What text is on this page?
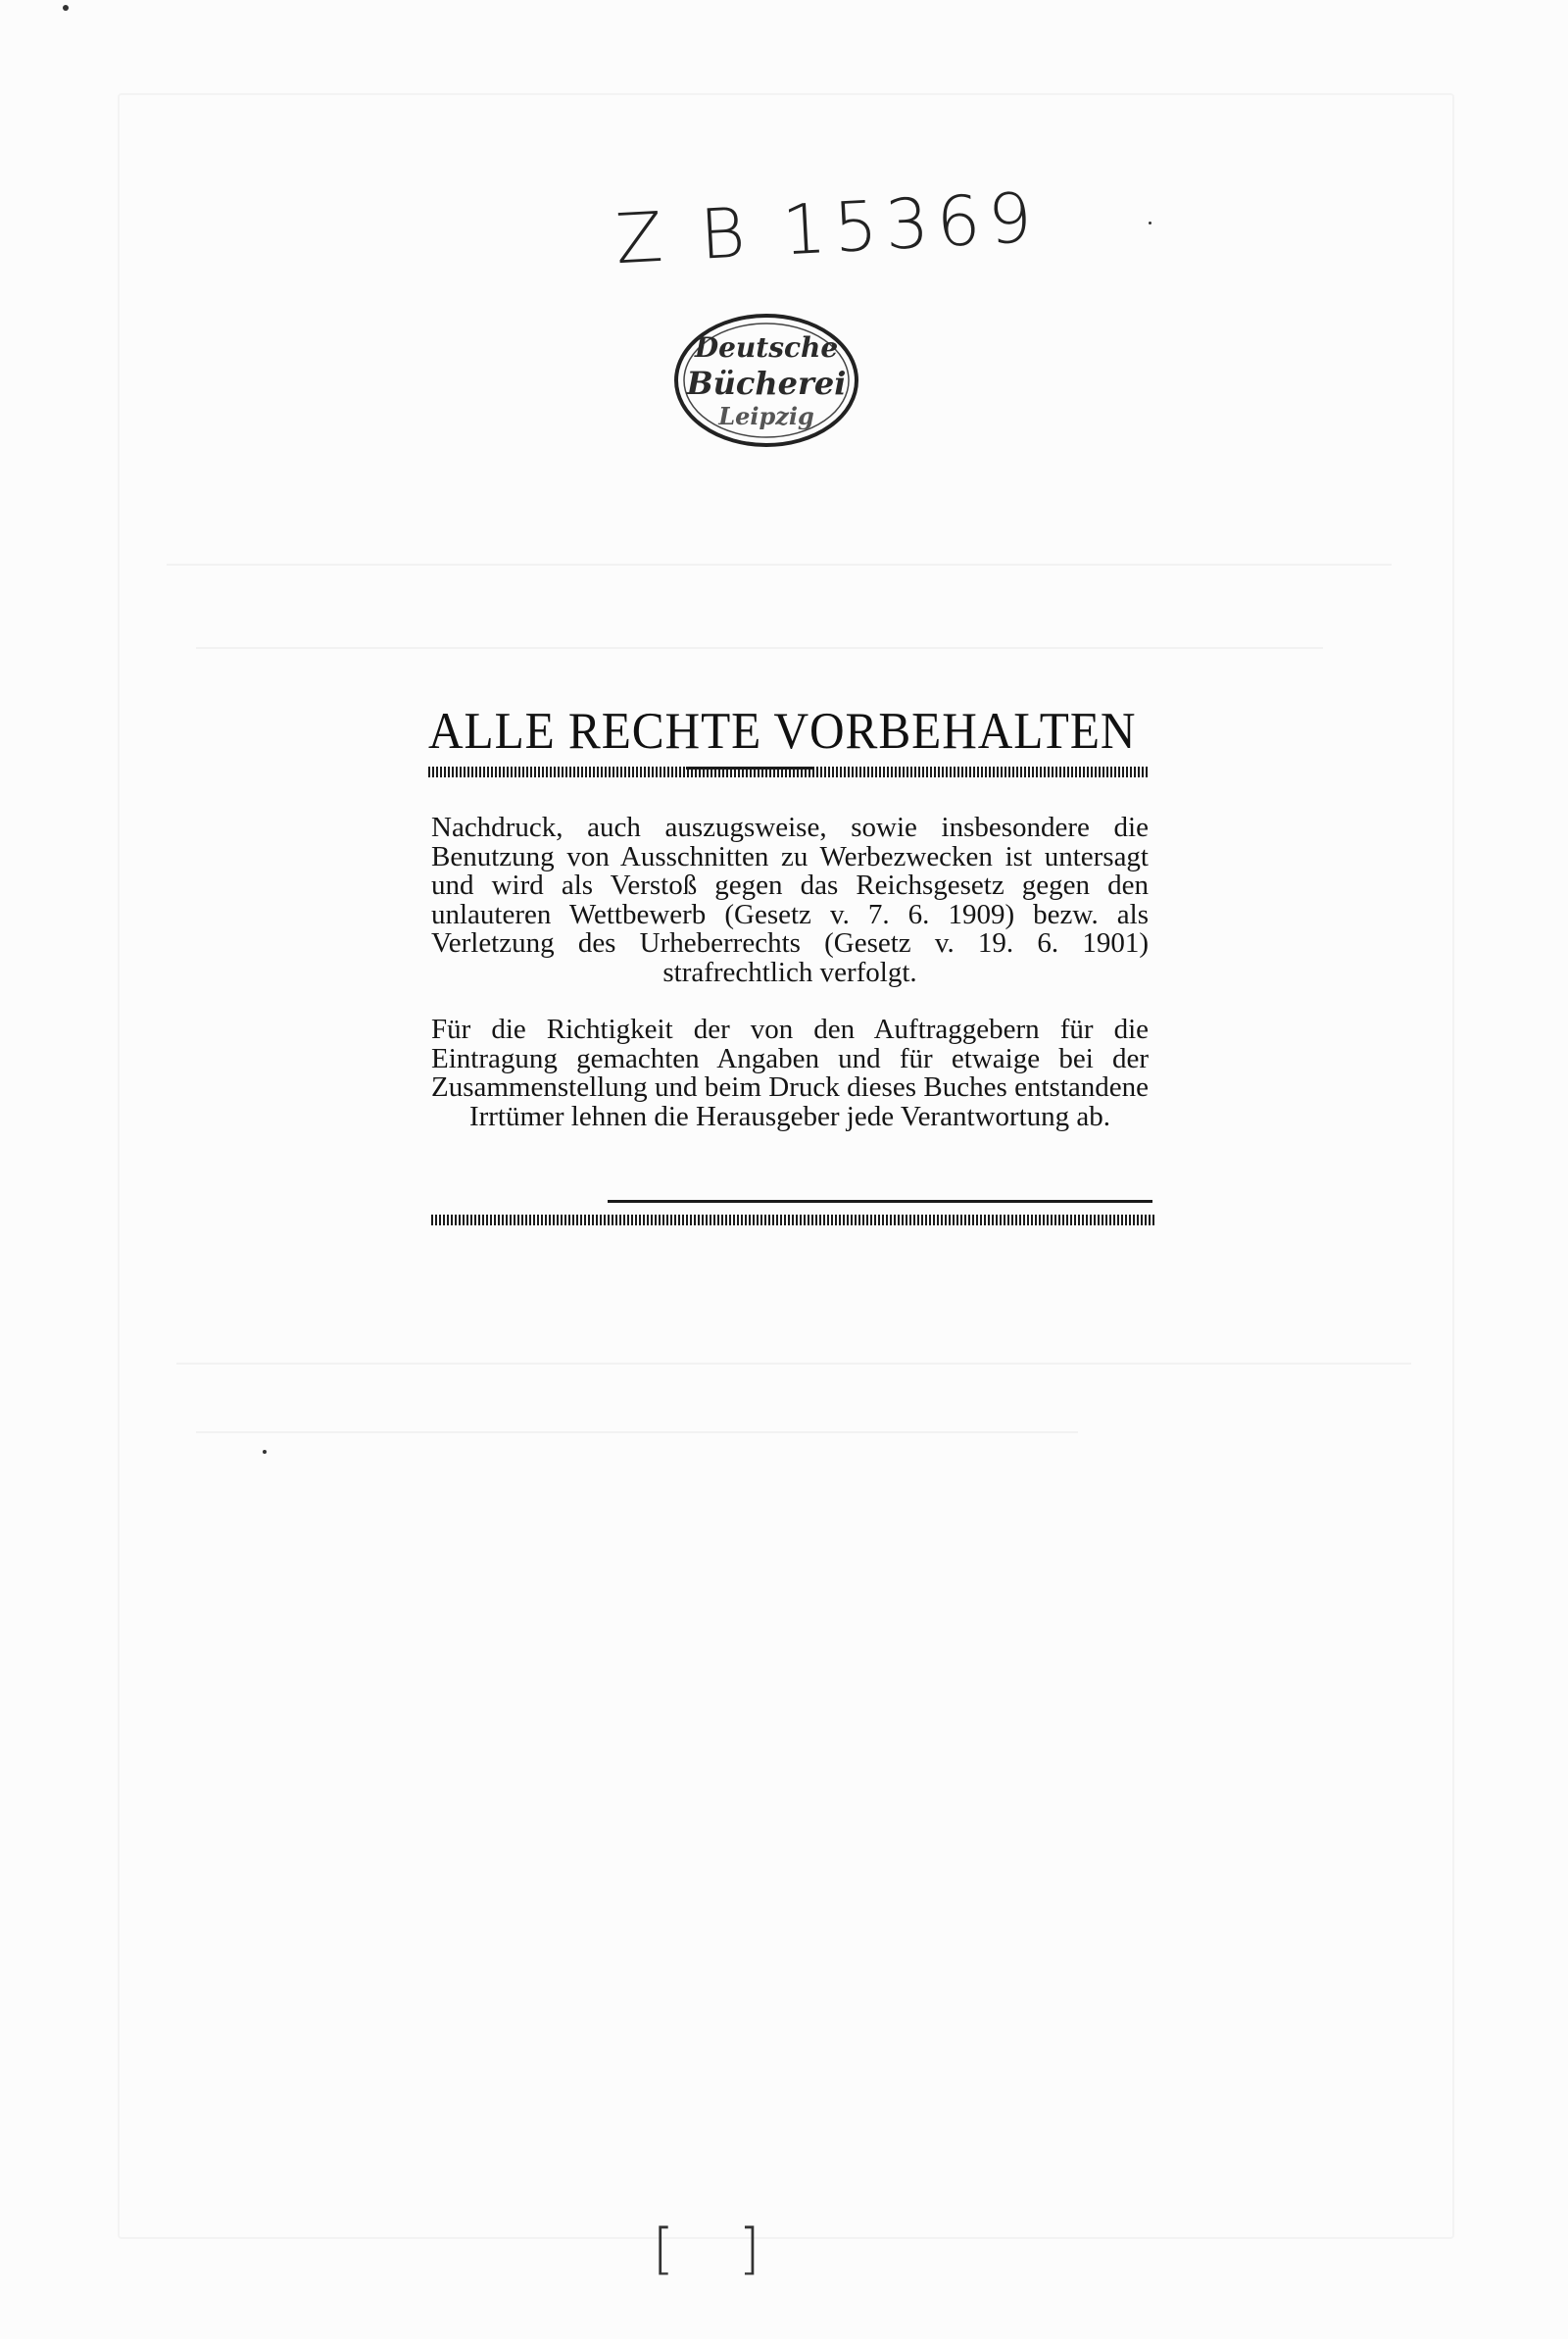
Z B 15369
Deutsche
Bücherei
Leipzig
ALLE RECHTE VORBEHALTEN

Nachdruck, auch auszugsweise, sowie insbesondere die Benutzung von Ausschnitten zu Werbezwecken ist untersagt und wird als Verstoß gegen das Reichsgesetz gegen den unlauteren Wettbewerb (Gesetz v. 7. 6. 1909) bezw. als Verletzung des Urheberrechts (Gesetz v. 19. 6. 1901) strafrechtlich verfolgt.

Für die Richtigkeit der von den Auftraggebern für die Eintragung gemachten Angaben und für etwaige bei der Zusammenstellung und beim Druck dieses Buches entstandene Irrtümer lehnen die Herausgeber jede Verantwortung ab.

[ ]
